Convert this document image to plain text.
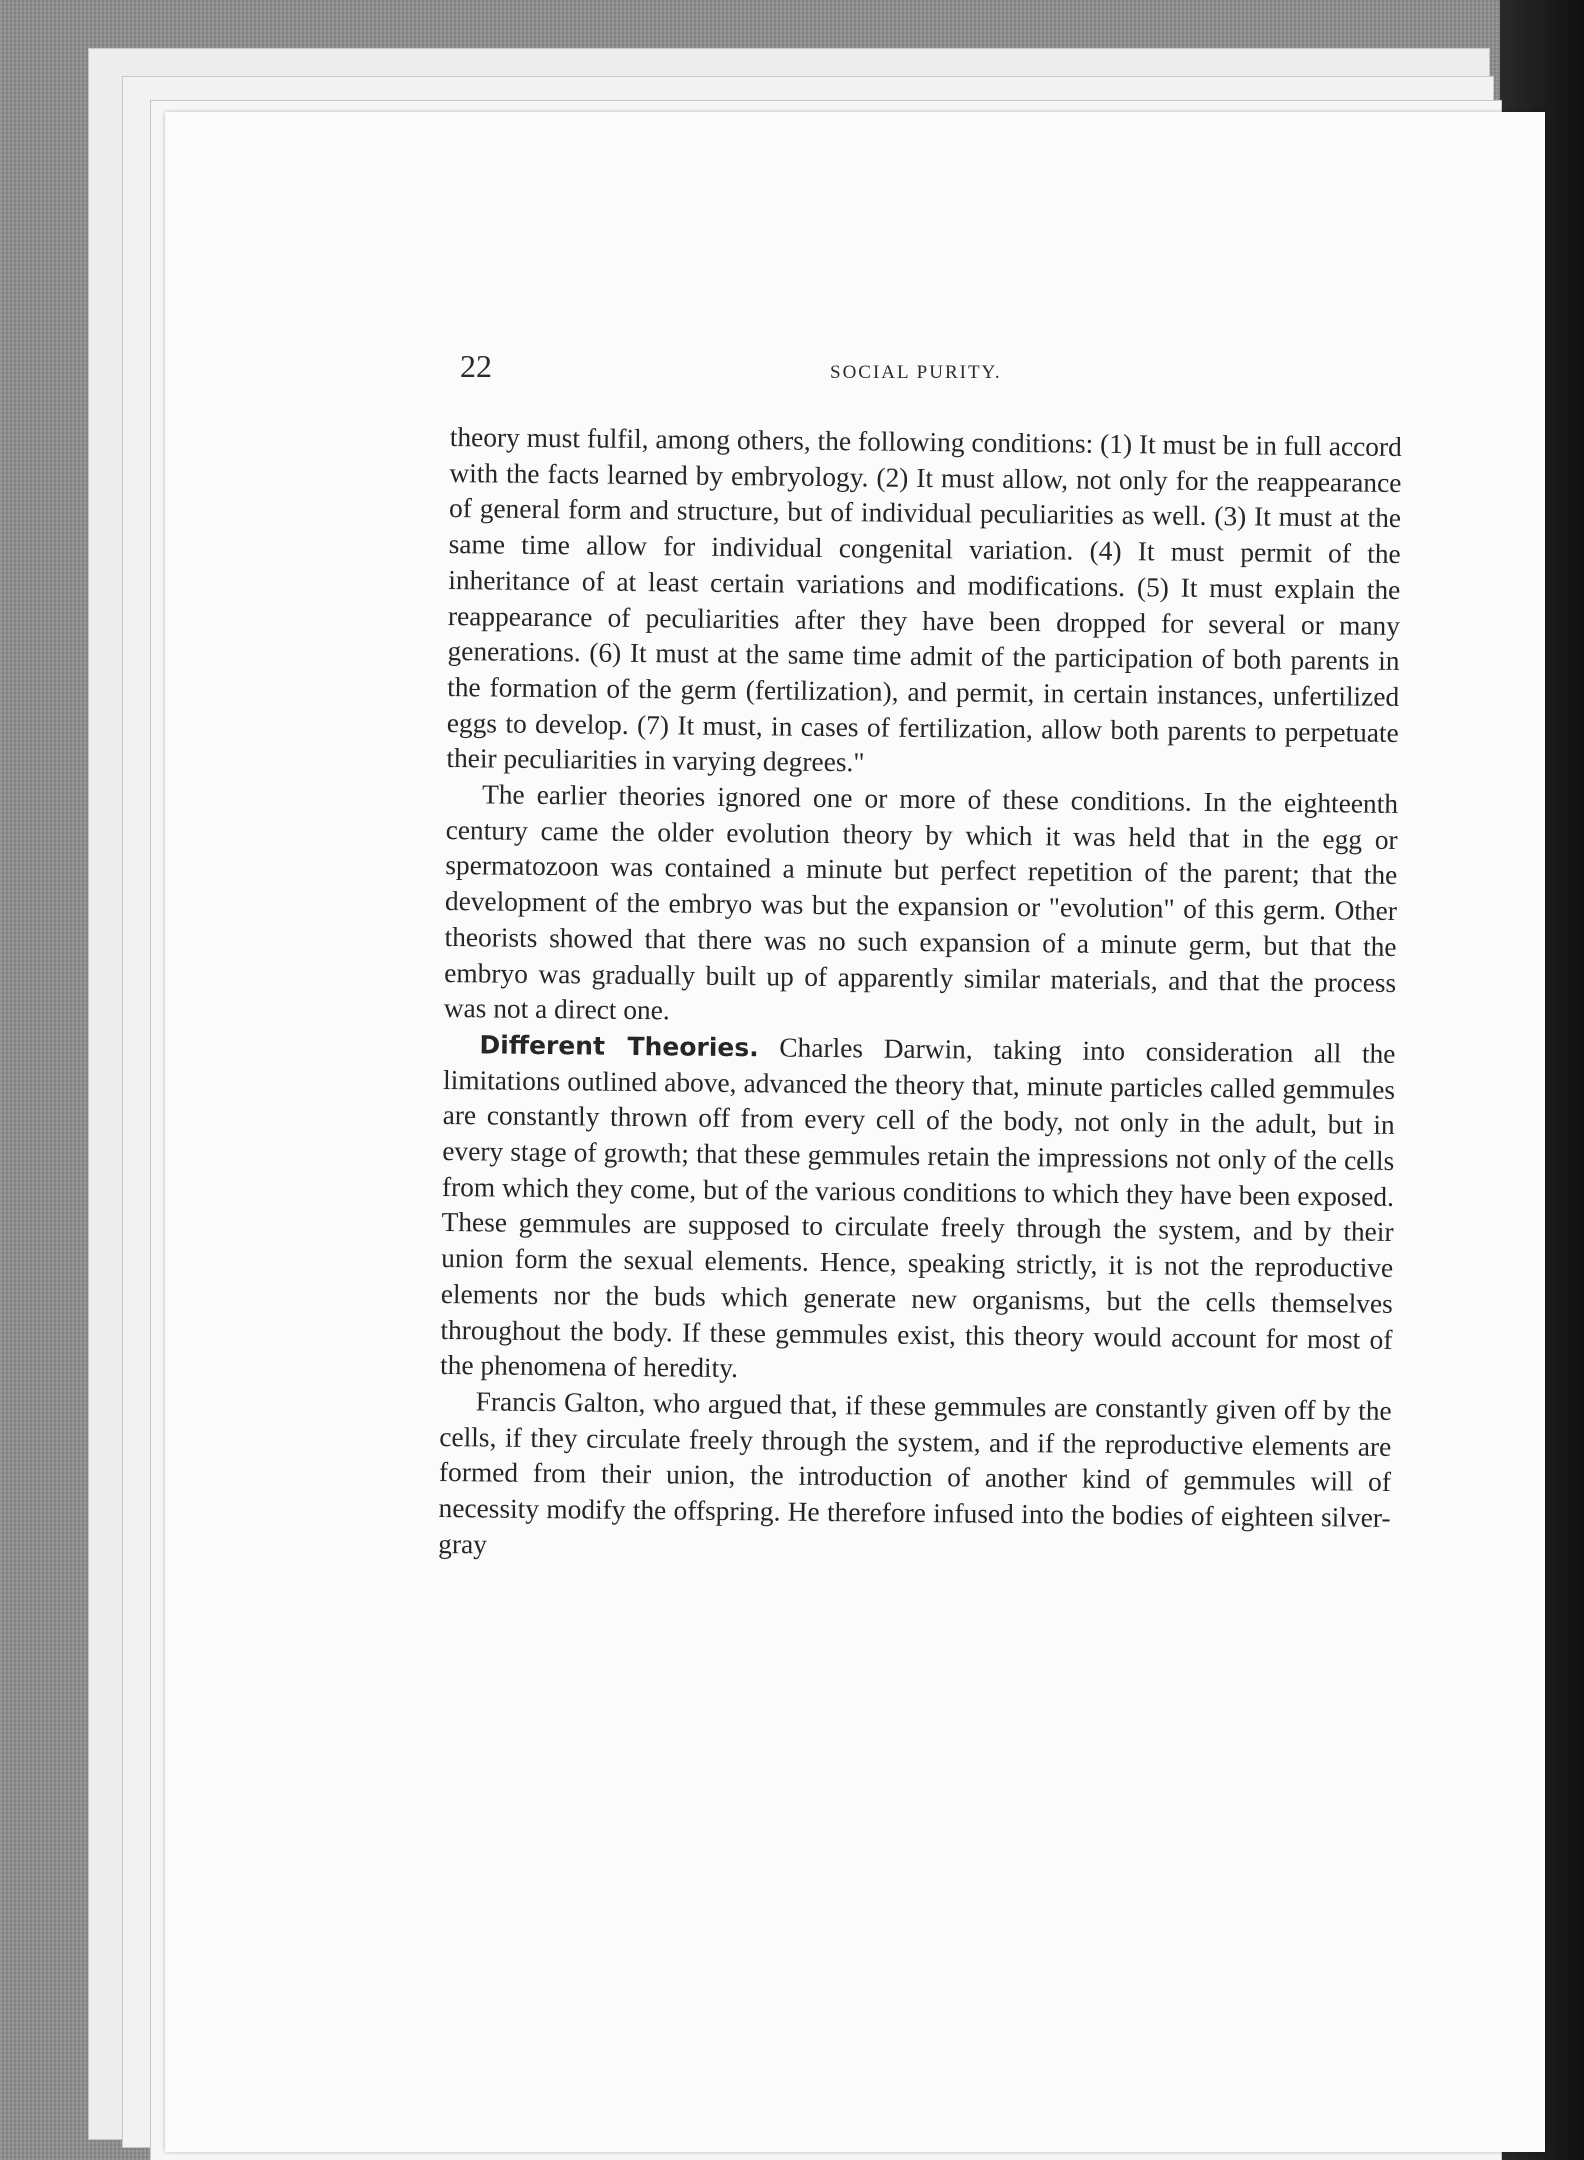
22	SOCIAL PURITY.

theory must fulfil, among others, the following conditions: (1) It must be in full accord with the facts learned by embryology. (2) It must allow, not only for the reappearance of general form and structure, but of individual peculiarities as well. (3) It must at the same time allow for individual congenital variation. (4) It must permit of the inheritance of at least certain variations and modifications. (5) It must explain the reappearance of peculiarities after they have been dropped for several or many generations. (6) It must at the same time admit of the participation of both parents in the formation of the germ (fertilization), and permit, in certain instances, unfertilized eggs to develop. (7) It must, in cases of fertilization, allow both parents to perpetuate their peculiarities in varying degrees."

The earlier theories ignored one or more of these conditions. In the eighteenth century came the older evolution theory by which it was held that in the egg or spermatozoon was contained a minute but perfect repetition of the parent; that the development of the embryo was but the expansion or "evolution" of this germ. Other theorists showed that there was no such expansion of a minute germ, but that the embryo was gradually built up of apparently similar materials, and that the process was not a direct one.

Different Theories. Charles Darwin, taking into consideration all the limitations outlined above, advanced the theory that, minute particles called gemmules are constantly thrown off from every cell of the body, not only in the adult, but in every stage of growth; that these gemmules retain the impressions not only of the cells from which they come, but of the various conditions to which they have been exposed. These gemmules are supposed to circulate freely through the system, and by their union form the sexual elements. Hence, speaking strictly, it is not the reproductive elements nor the buds which generate new organisms, but the cells themselves throughout the body. If these gemmules exist, this theory would account for most of the phenomena of heredity.

Francis Galton, who argued that, if these gemmules are constantly given off by the cells, if they circulate freely through the system, and if the reproductive elements are formed from their union, the introduction of another kind of gemmules will of necessity modify the offspring. He therefore infused into the bodies of eighteen silver-gray
